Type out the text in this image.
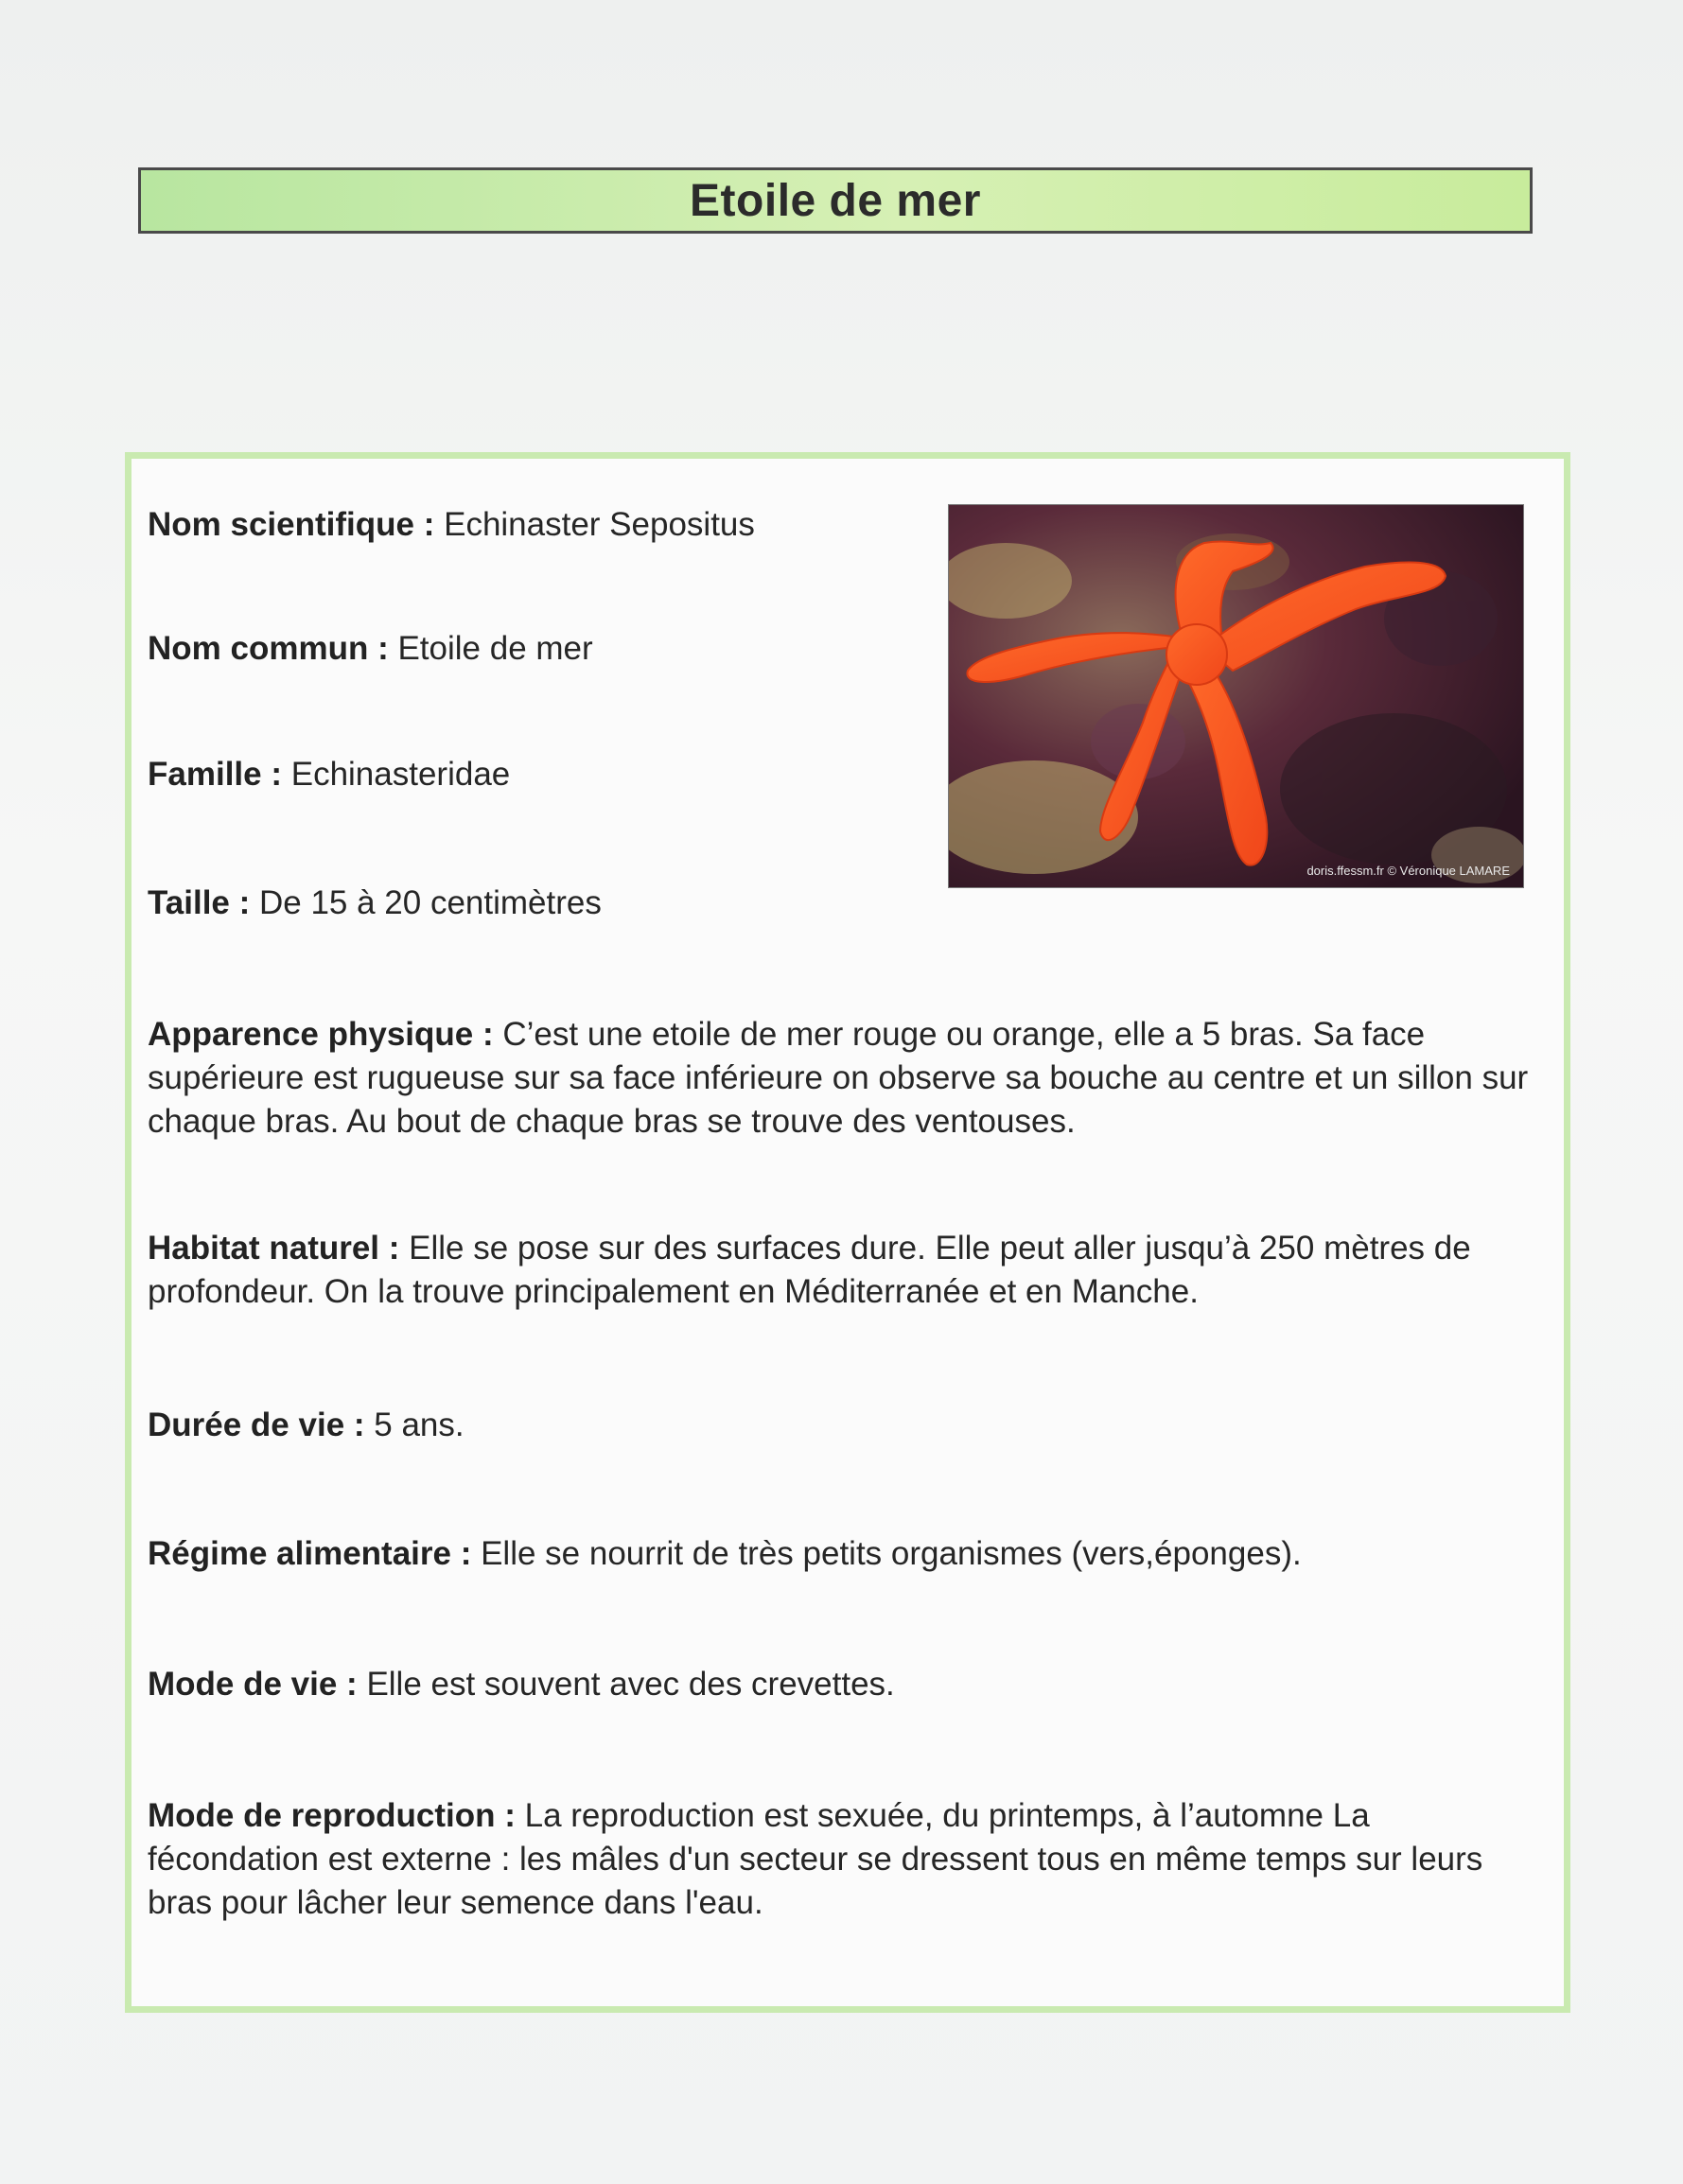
Etoile de mer
doris.ffessm.fr © Véronique LAMARE
Nom scientifique : Echinaster Sepositus
Nom commun : Etoile de mer
Famille : Echinasteridae
Taille : De 15 à 20 centimètres
Apparence physique : C’est une etoile de mer rouge ou orange, elle a 5 bras. Sa face supérieure est rugueuse sur sa face inférieure on observe sa bouche au centre et un sillon sur chaque bras. Au bout de chaque bras se trouve des ventouses.
Habitat naturel : Elle se pose sur des surfaces dure. Elle peut aller jusqu’à 250 mètres de profondeur. On la trouve principalement en Méditerranée et en Manche.
Durée de vie : 5 ans.
Régime alimentaire : Elle se nourrit de très petits organismes (vers,éponges).
Mode de vie : Elle est souvent avec des crevettes.
Mode de reproduction : La reproduction est sexuée, du printemps, à l’automne La fécondation est externe : les mâles d'un secteur se dressent tous en même temps sur leurs bras pour lâcher leur semence dans l'eau.
